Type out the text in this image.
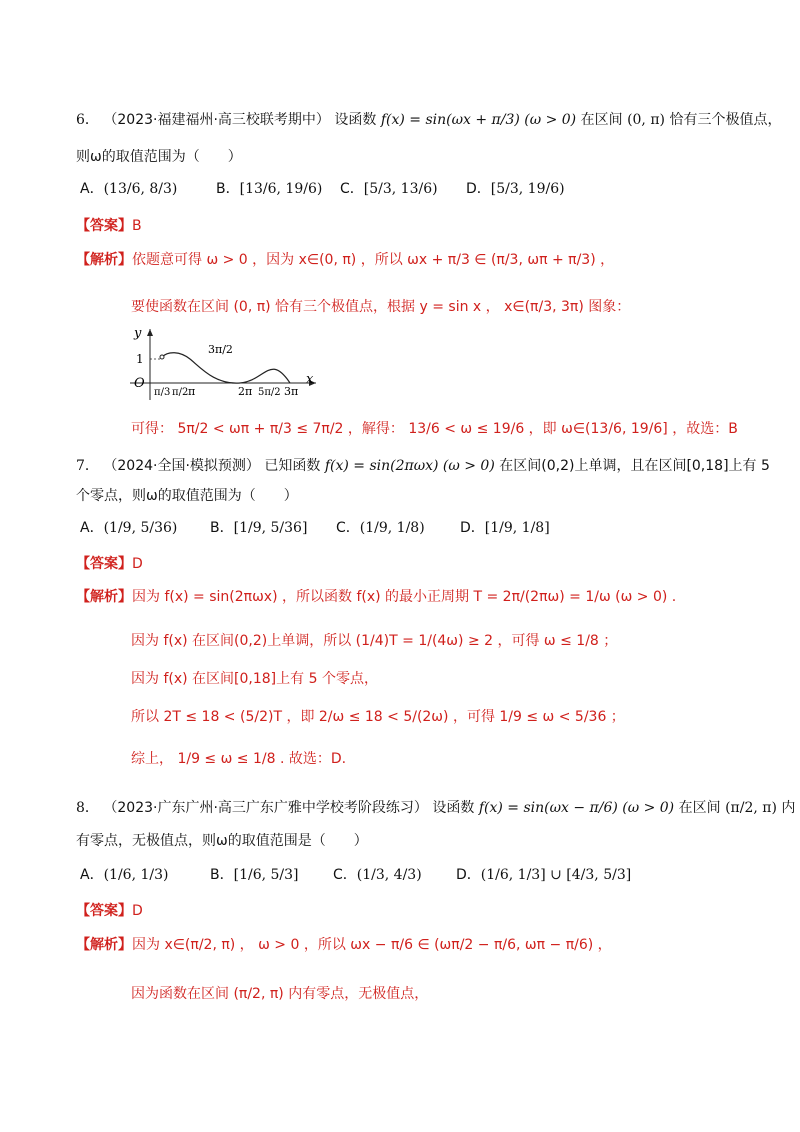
6． （2023·福建福州·高三校联考期中） 设函数 f(x) = sin(ωx + π/3) (ω > 0) 在区间 (0, π) 恰有三个极值点，
则ω的取值范围为（　　）
A．(13/6, 8/3)	B．[13/6, 19/6) C．[5/3, 13/6) D．[5/3, 19/6)
【答案】B
【解析】依题意可得 ω > 0 ，因为 x∈(0, π) ，所以 ωx + π/3 ∈ (π/3, ωπ + π/3) ，
要使函数在区间 (0, π) 恰有三个极值点，根据 y = sin x ， x∈(π/3, 3π) 图象：
y
x
O
1
3π/2
π/3 π/2 π	2π 5π/2 3π
可得： 5π/2 < ωπ + π/3 ≤ 7π/2 ，解得： 13/6 < ω ≤ 19/6 ，即 ω∈(13/6, 19/6] ，故选：B
7． （2024·全国·模拟预测） 已知函数 f(x) = sin(2πωx) (ω > 0) 在区间(0,2)上单调，且在区间[0,18]上有 5
个零点，则ω的取值范围为（　　）
A．(1/9, 5/36) B．[1/9, 5/36] C．(1/9, 1/8)	D．[1/9, 1/8]
【答案】D
【解析】因为 f(x) = sin(2πωx) ，所以函数 f(x) 的最小正周期 T = 2π/(2πω) = 1/ω (ω > 0) .
因为 f(x) 在区间(0,2)上单调，所以 (1/4)T = 1/(4ω) ≥ 2 ，可得 ω ≤ 1/8 ；
因为 f(x) 在区间[0,18]上有 5 个零点，
所以 2T ≤ 18 < (5/2)T ，即 2/ω ≤ 18 < 5/(2ω) ，可得 1/9 ≤ ω < 5/36 ；
综上， 1/9 ≤ ω ≤ 1/8 . 故选：D.
8． （2023·广东广州·高三广东广雅中学校考阶段练习） 设函数 f(x) = sin(ωx − π/6) (ω > 0) 在区间 (π/2, π) 内
有零点，无极值点，则ω的取值范围是（　　）
A．(1/6, 1/3)	B．[1/6, 5/3] C．(1/3, 4/3) D．(1/6, 1/3] ∪ [4/3, 5/3]
【答案】D
【解析】因为 x∈(π/2, π) ， ω > 0 ，所以 ωx − π/6 ∈ (ωπ/2 − π/6, ωπ − π/6) ，
因为函数在区间 (π/2, π) 内有零点，无极值点，
